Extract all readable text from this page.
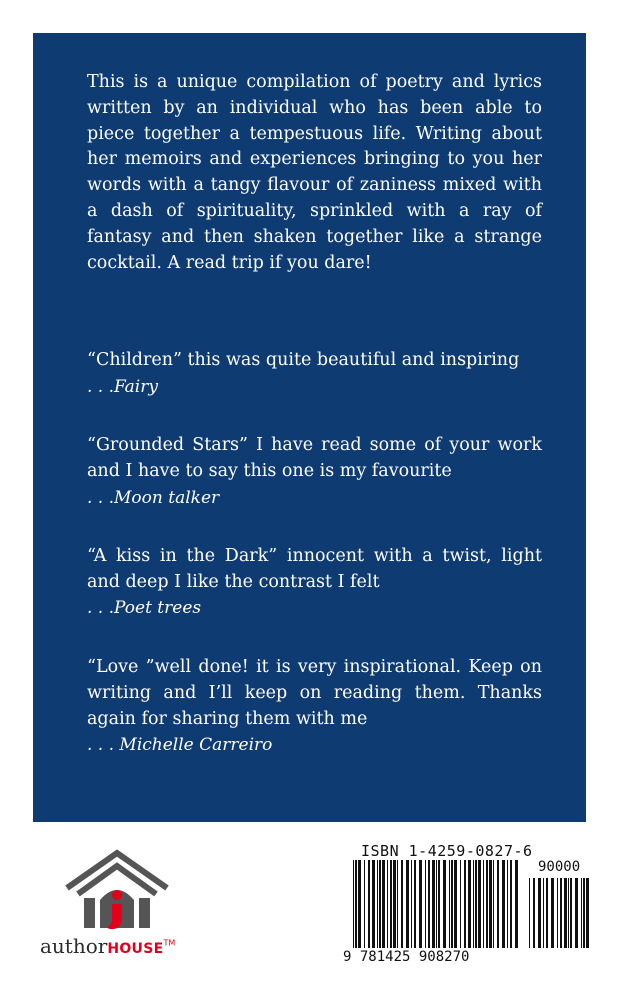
This is a unique compilation of poetry and lyrics written by an individual who has been able to piece together a tempestuous life. Writing about her memoirs and experiences bringing to you her words with a tangy flavour of zaniness mixed with a dash of spirituality, sprinkled with a ray of fantasy and then shaken together like a strange cocktail. A read trip if you dare!

“Children” this was quite beautiful and inspiring

. . .Fairy

“Grounded Stars” I have read some of your work and I have to say this one is my favourite

. . .Moon talker

“A kiss in the Dark” innocent with a twist, light and deep I like the contrast I felt

. . .Poet trees

“Love ”well done! it is very inspirational. Keep on writing and I’ll keep on reading them. Thanks again for sharing them with me

. . . Michelle Carreiro

authorHOUSE™
ISBN 1-4259-0827-6
90000
9 781425 908270
